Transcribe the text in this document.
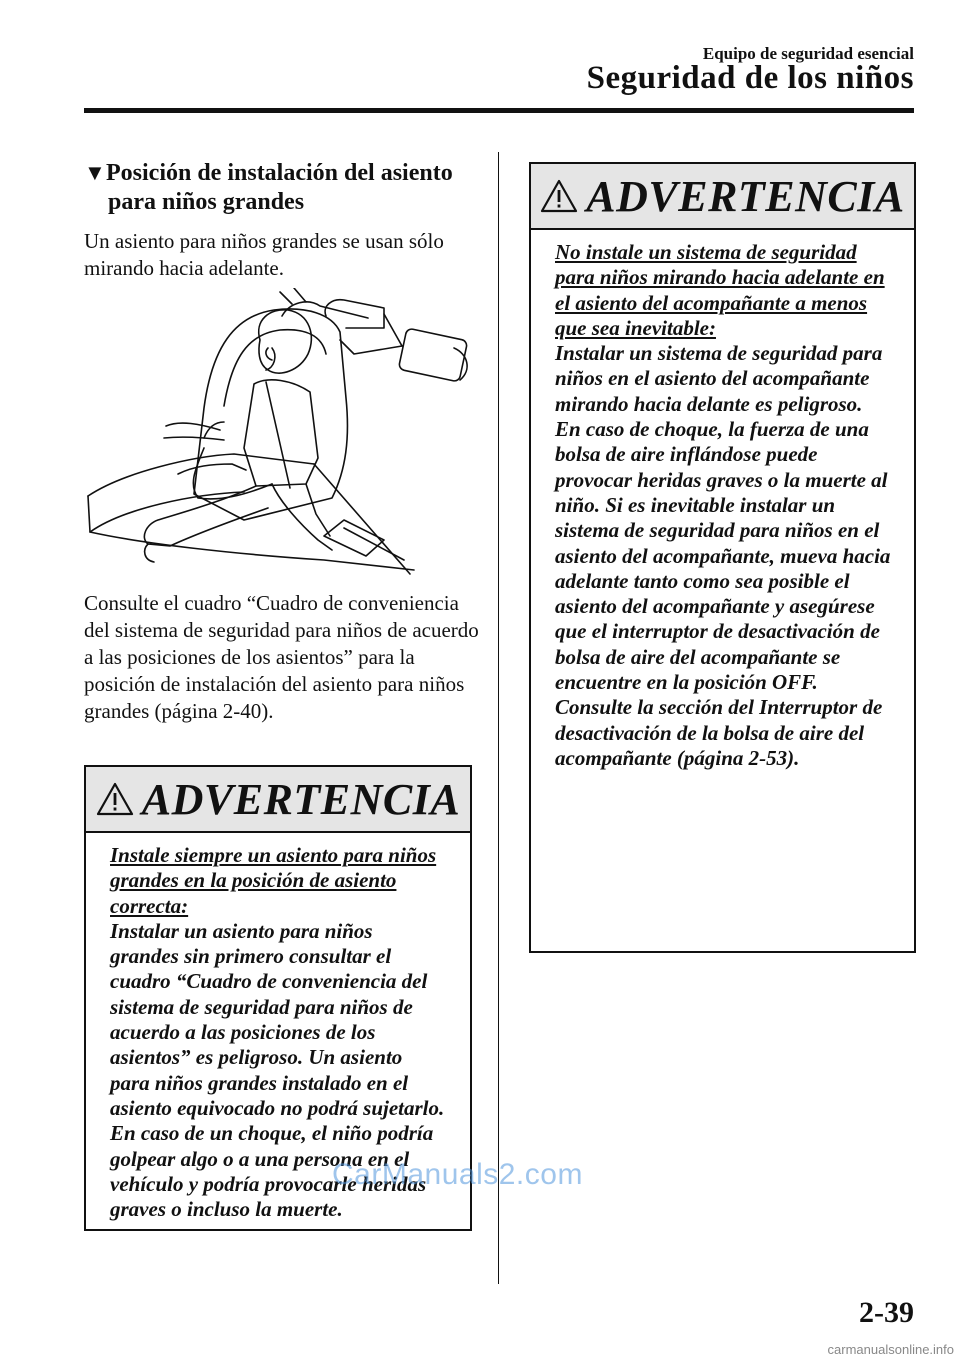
Equipo de seguridad esencial
Seguridad de los niños
▼Posición de instalación del asiento
para niños grandes
Un asiento para niños grandes se usan sólo mirando hacia adelante.
Consulte el cuadro “Cuadro de conveniencia del sistema de seguridad para niños de acuerdo a las posiciones de los asientos” para la posición de instalación del asiento para niños grandes (página 2-40).
ADVERTENCIA
Instale siempre un asiento para niños
grandes en la posición de asiento
correcta:
Instalar un asiento para niños
grandes sin primero consultar el
cuadro “Cuadro de conveniencia del
sistema de seguridad para niños de
acuerdo a las posiciones de los
asientos” es peligroso. Un asiento
para niños grandes instalado en el
asiento equivocado no podrá sujetarlo.
En caso de un choque, el niño podría
golpear algo o a una persona en el
vehículo y podría provocarle heridas
graves o incluso la muerte.
ADVERTENCIA
No instale un sistema de seguridad
para niños mirando hacia adelante en
el asiento del acompañante a menos
que sea inevitable:
Instalar un sistema de seguridad para
niños en el asiento del acompañante
mirando hacia delante es peligroso.
En caso de choque, la fuerza de una
bolsa de aire inflándose puede
provocar heridas graves o la muerte al
niño. Si es inevitable instalar un
sistema de seguridad para niños en el
asiento del acompañante, mueva hacia
adelante tanto como sea posible el
asiento del acompañante y asegúrese
que el interruptor de desactivación de
bolsa de aire del acompañante se
encuentre en la posición OFF.
Consulte la sección del Interruptor de
desactivación de la bolsa de aire del
acompañante (página 2-53).
CarManuals2.com
2-39
carmanualsonline.info
